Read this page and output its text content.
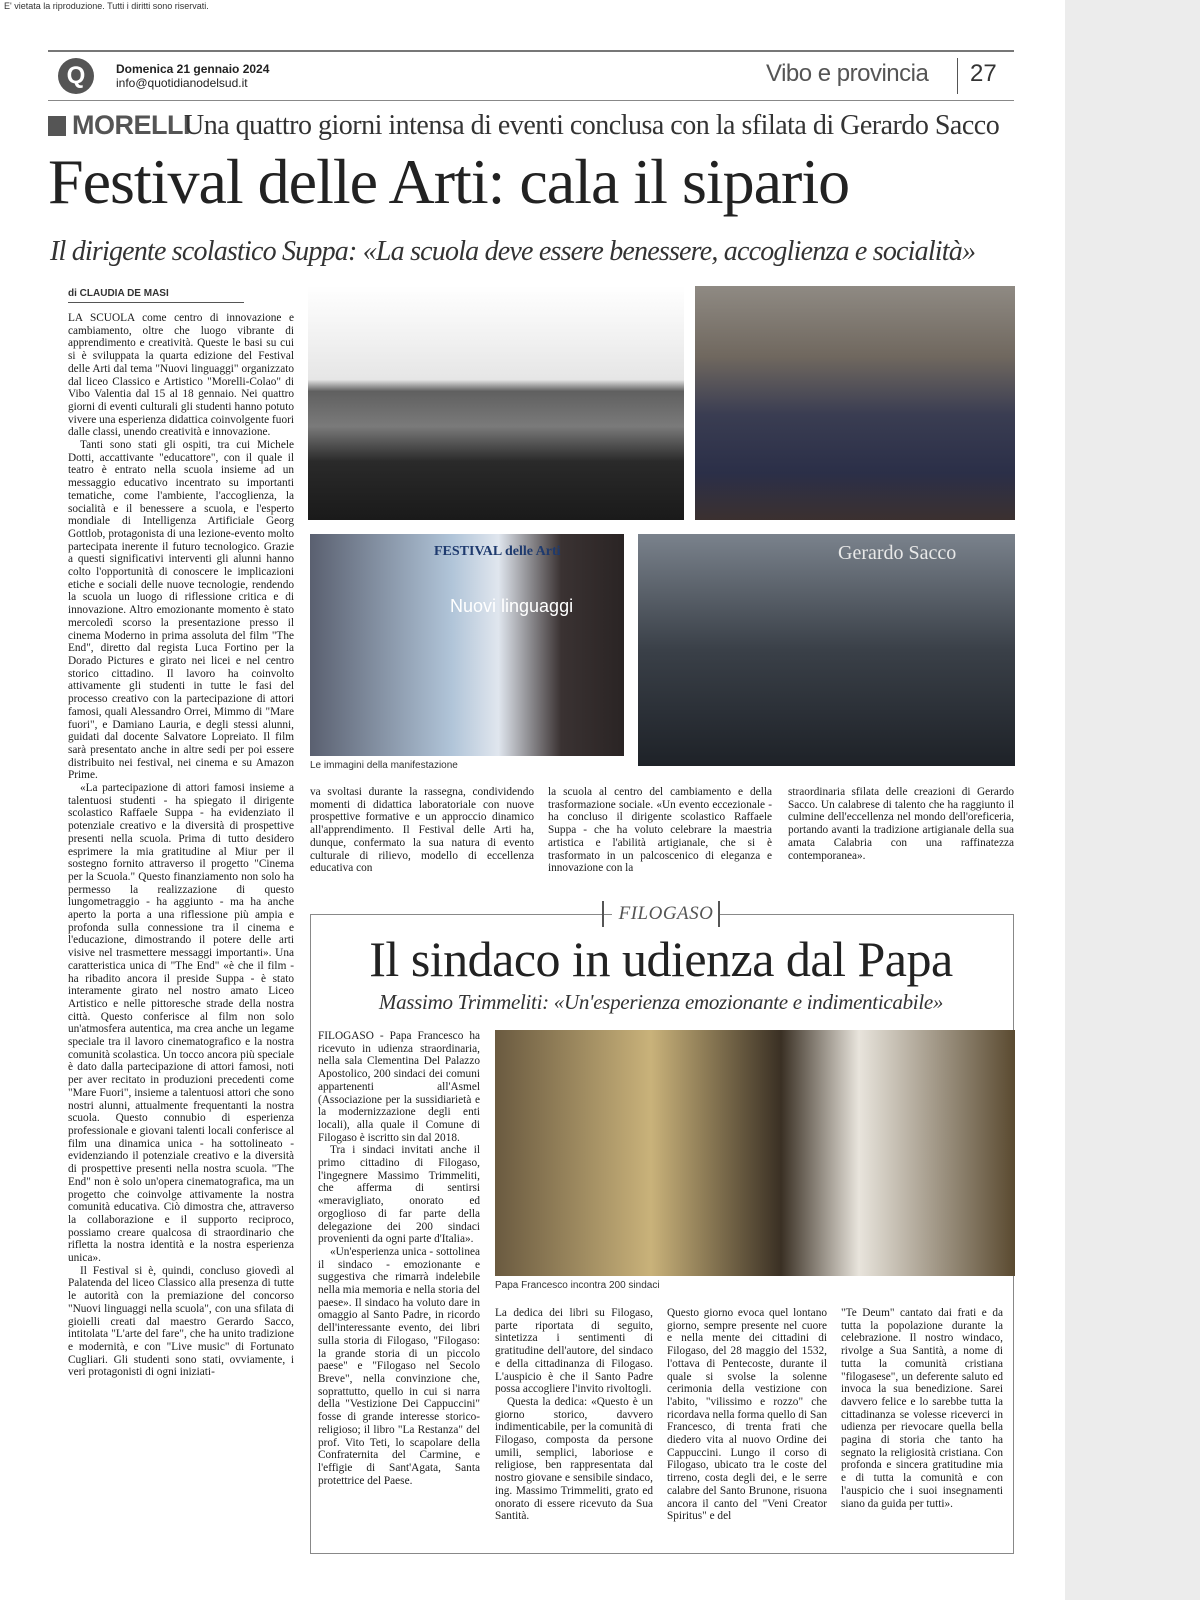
E' vietata la riproduzione. Tutti i diritti sono riservati.
Q	Domenica 21 gennaio 2024
info@quotidianodelsud.it	Vibo e provincia 27
MORELLI
Una quattro giorni intensa di eventi conclusa con la sfilata di Gerardo Sacco
Festival delle Arti: cala il sipario
Il dirigente scolastico Suppa: «La scuola deve essere benessere, accoglienza e socialità»
di CLAUDIA DE MASI

LA SCUOLA come centro di innovazione e cambiamento, oltre che luogo vibrante di apprendimento e creatività. Queste le basi su cui si è sviluppata la quarta edizione del Festival delle Arti dal tema "Nuovi linguaggi" organizzato dal liceo Classico e Artistico "Morelli-Colao" di Vibo Valentia dal 15 al 18 gennaio. Nei quattro giorni di eventi culturali gli studenti hanno potuto vivere una esperienza didattica coinvolgente fuori dalle classi, unendo creatività e innovazione.

Tanti sono stati gli ospiti, tra cui Michele Dotti, accattivante "educattore", con il quale il teatro è entrato nella scuola insieme ad un messaggio educativo incentrato su importanti tematiche, come l'ambiente, l'accoglienza, la socialità e il benessere a scuola, e l'esperto mondiale di Intelligenza Artificiale Georg Gottlob, protagonista di una lezione-evento molto partecipata inerente il futuro tecnologico. Grazie a questi significativi interventi gli alunni hanno colto l'opportunità di conoscere le implicazioni etiche e sociali delle nuove tecnologie, rendendo la scuola un luogo di riflessione critica e di innovazione. Altro emozionante momento è stato mercoledì scorso la presentazione presso il cinema Moderno in prima assoluta del film "The End", diretto dal regista Luca Fortino per la Dorado Pictures e girato nei licei e nel centro storico cittadino. Il lavoro ha coinvolto attivamente gli studenti in tutte le fasi del processo creativo con la partecipazione di attori famosi, quali Alessandro Orrei, Mimmo di "Mare fuori", e Damiano Lauria, e degli stessi alunni, guidati dal docente Salvatore Lopreiato. Il film sarà presentato anche in altre sedi per poi essere distribuito nei festival, nei cinema e su Amazon Prime.

«La partecipazione di attori famosi insieme a talentuosi studenti - ha spiegato il dirigente scolastico Raffaele Suppa - ha evidenziato il potenziale creativo e la diversità di prospettive presenti nella scuola. Prima di tutto desidero esprimere la mia gratitudine al Miur per il sostegno fornito attraverso il progetto "Cinema per la Scuola." Questo finanziamento non solo ha permesso la realizzazione di questo lungometraggio - ha aggiunto - ma ha anche aperto la porta a una riflessione più ampia e profonda sulla connessione tra il cinema e l'educazione, dimostrando il potere delle arti visive nel trasmettere messaggi importanti». Una caratteristica unica di "The End" «è che il film - ha ribadito ancora il preside Suppa - è stato interamente girato nel nostro amato Liceo Artistico e nelle pittoresche strade della nostra città. Questo conferisce al film non solo un'atmosfera autentica, ma crea anche un legame speciale tra il lavoro cinematografico e la nostra comunità scolastica. Un tocco ancora più speciale è dato dalla partecipazione di attori famosi, noti per aver recitato in produzioni precedenti come "Mare Fuori", insieme a talentuosi attori che sono nostri alunni, attualmente frequentanti la nostra scuola. Questo connubio di esperienza professionale e giovani talenti locali conferisce al film una dinamica unica - ha sottolineato - evidenziando il potenziale creativo e la diversità di prospettive presenti nella nostra scuola. "The End" non è solo un'opera cinematografica, ma un progetto che coinvolge attivamente la nostra comunità educativa. Ciò dimostra che, attraverso la collaborazione e il supporto reciproco, possiamo creare qualcosa di straordinario che rifletta la nostra identità e la nostra esperienza unica».

Il Festival si è, quindi, concluso giovedì al Palatenda del liceo Classico alla presenza di tutte le autorità con la premiazione del concorso "Nuovi linguaggi nella scuola", con una sfilata di gioielli creati dal maestro Gerardo Sacco, intitolata "L'arte del fare", che ha unito tradizione e modernità, e con "Live music" di Fortunato Cugliari. Gli studenti sono stati, ovviamente, i veri protagonisti di ogni iniziati-

FESTIVAL delle Arti
Nuovi linguaggi
Le immagini della manifestazione
Gerardo Sacco

va svoltasi durante la rassegna, condividendo momenti di didattica laboratoriale con nuove prospettive formative e un approccio dinamico all'apprendimento. Il Festival delle Arti ha, dunque, confermato la sua natura di evento culturale di rilievo, modello di eccellenza educativa con

la scuola al centro del cambiamento e della trasformazione sociale. «Un evento eccezionale - ha concluso il dirigente scolastico Raffaele Suppa - che ha voluto celebrare la maestria artistica e l'abilità artigianale, che si è trasformato in un palcoscenico di eleganza e innovazione con la

straordinaria sfilata delle creazioni di Gerardo Sacco. Un calabrese di talento che ha raggiunto il culmine dell'eccellenza nel mondo dell'oreficeria, portando avanti la tradizione artigianale della sua amata Calabria con una raffinatezza contemporanea».

FILOGASO
Il sindaco in udienza dal Papa
Massimo Trimmeliti: «Un'esperienza emozionante e indimenticabile»

FILOGASO - Papa Francesco ha ricevuto in udienza straordinaria, nella sala Clementina Del Palazzo Apostolico, 200 sindaci dei comuni appartenenti all'Asmel (Associazione per la sussidiarietà e la modernizzazione degli enti locali), alla quale il Comune di Filogaso è iscritto sin dal 2018.

Tra i sindaci invitati anche il primo cittadino di Filogaso, l'ingegnere Massimo Trimmeliti, che afferma di sentirsi «meravigliato, onorato ed orgoglioso di far parte della delegazione dei 200 sindaci provenienti da ogni parte d'Italia».

«Un'esperienza unica - sottolinea il sindaco - emozionante e suggestiva che rimarrà indelebile nella mia memoria e nella storia del paese». Il sindaco ha voluto dare in omaggio al Santo Padre, in ricordo dell'interessante evento, dei libri sulla storia di Filogaso, "Filogaso: la grande storia di un piccolo paese" e "Filogaso nel Secolo Breve", nella convinzione che, soprattutto, quello in cui si narra della "Vestizione Dei Cappuccini" fosse di grande interesse storico-religioso; il libro "La Restanza" del prof. Vito Teti, lo scapolare della Confraternita del Carmine, e l'effigie di Sant'Agata, Santa protettrice del Paese.

Papa Francesco incontra 200 sindaci

La dedica dei libri su Filogaso, parte riportata di seguito, sintetizza i sentimenti di gratitudine dell'autore, del sindaco e della cittadinanza di Filogaso. L'auspicio è che il Santo Padre possa accogliere l'invito rivoltogli.

Questa la dedica: «Questo è un giorno storico, davvero indimenticabile, per la comunità di Filogaso, composta da persone umili, semplici, laboriose e religiose, ben rappresentata dal nostro giovane e sensibile sindaco, ing. Massimo Trimmeliti, grato ed onorato di essere ricevuto da Sua Santità.

Questo giorno evoca quel lontano giorno, sempre presente nel cuore e nella mente dei cittadini di Filogaso, del 28 maggio del 1532, l'ottava di Pentecoste, durante il quale si svolse la solenne cerimonia della vestizione con l'abito, "vilissimo e rozzo" che ricordava nella forma quello di San Francesco, di trenta frati che diedero vita al nuovo Ordine dei Cappuccini. Lungo il corso di Filogaso, ubicato tra le coste del tirreno, costa degli dei, e le serre calabre del Santo Brunone, risuona ancora il canto del "Veni Creator Spiritus" e del

"Te Deum" cantato dai frati e da tutta la popolazione durante la celebrazione. Il nostro windaco, rivolge a Sua Santità, a nome di tutta la comunità cristiana "filogasese", un deferente saluto ed invoca la sua benedizione. Sarei davvero felice e lo sarebbe tutta la cittadinanza se volesse riceverci in udienza per rievocare quella bella pagina di storia che tanto ha segnato la religiosità cristiana. Con profonda e sincera gratitudine mia e di tutta la comunità e con l'auspicio che i suoi insegnamenti siano da guida per tutti».
